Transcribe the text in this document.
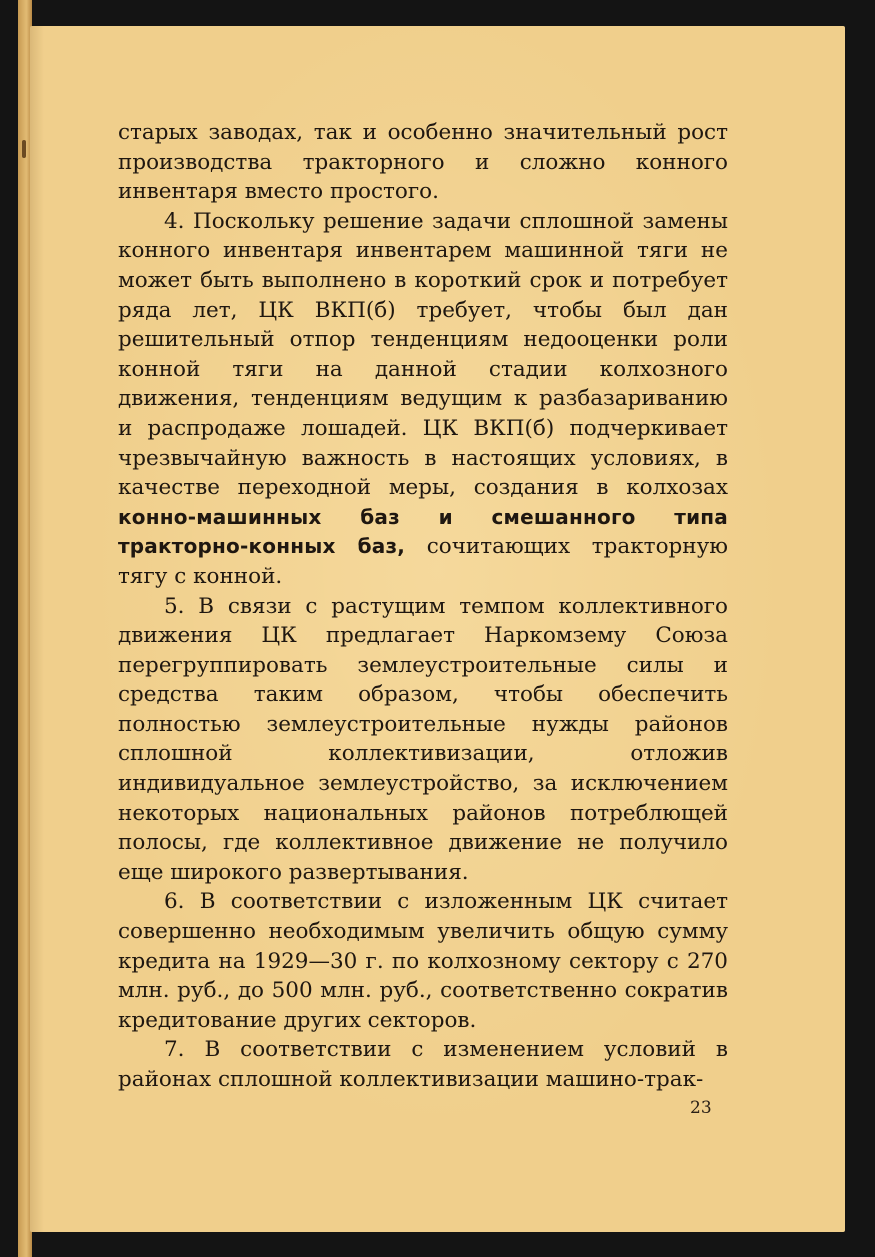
старых заводах, так и особенно значительный рост производства тракторного и сложно конного инвентаря вместо простого.

4. Поскольку решение задачи сплошной замены конного инвентаря инвентарем машинной тяги не может быть выполнено в короткий срок и потребует ряда лет, ЦК ВКП(б) требует, чтобы был дан решительный отпор тенденциям недооценки роли конной тяги на данной стадии колхозного движения, тенденциям ведущим к разбазариванию и распродаже лошадей. ЦК ВКП(б) подчеркивает чрезвычайную важность в настоящих условиях, в качестве переходной меры, создания в колхозах конно-машинных баз и смешанного типа тракторно-конных баз, сочитающих тракторную тягу с конной.

5. В связи с растущим темпом коллективного движения ЦК предлагает Наркомзему Союза перегруппировать землеустроительные силы и средства таким образом, чтобы обеспечить полностью землеустроительные нужды районов сплошной коллективизации, отложив индивидуальное землеустройство, за исключением некоторых национальных районов потреблющей полосы, где коллективное движение не получило еще широкого развертывания.

6. В соответствии с изложенным ЦК считает совершенно необходимым увеличить общую сумму кредита на 1929—30 г. по колхозному сектору с 270 млн. руб., до 500 млн. руб., соответственно сократив кредитование других секторов.

7. В соответствии с изменением условий в районах сплошной коллективизации машино-трак-

23
